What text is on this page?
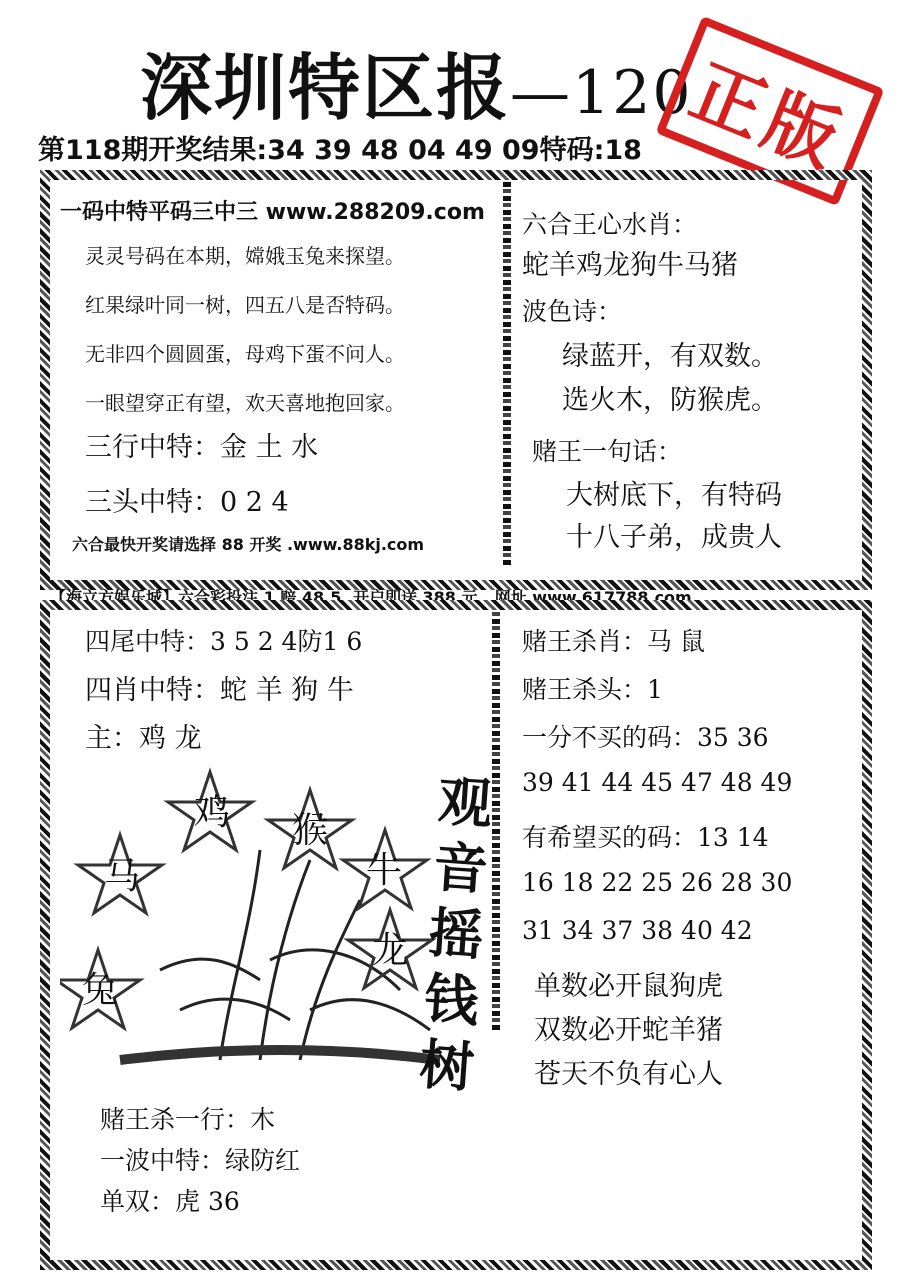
深圳特区报—120
正版
第118期开奖结果:34 39 48 04 49 09特码:18
一码中特平码三中三 www.288209.com
灵灵号码在本期，嫦娥玉兔来探望。
红果绿叶同一树，四五八是否特码。
无非四个圆圆蛋，母鸡下蛋不问人。
一眼望穿正有望，欢天喜地抱回家。
三行中特：金 土 水
三头中特：0 2 4
六合最快开奖请选择 88 开奖 .www.88kj.com
六合王心水肖：
蛇羊鸡龙狗牛马猪
波色诗：
绿蓝开，有双数。
选火木，防猴虎。
赌王一句话：
大树底下，有特码
十八子弟，成贵人
【海立方娱乐城】六合彩投注 1 赔 48.5, 开户即送 388 元 . 网址 www.617788.com
四尾中特：3 5 2 4防1 6
四肖中特：蛇 羊 狗 牛
主：鸡 龙
鸡 猴
马	牛
龙
兔
观
音
摇
钱
树
赌王杀一行：木
一波中特：绿防红
单双：虎 36
赌王杀肖：马 鼠
赌王杀头：1
一分不买的码：35 36
39 41 44 45 47 48 49
有希望买的码：13 14
16 18 22 25 26 28 30
31 34 37 38 40 42
单数必开鼠狗虎
双数必开蛇羊猪
苍天不负有心人
